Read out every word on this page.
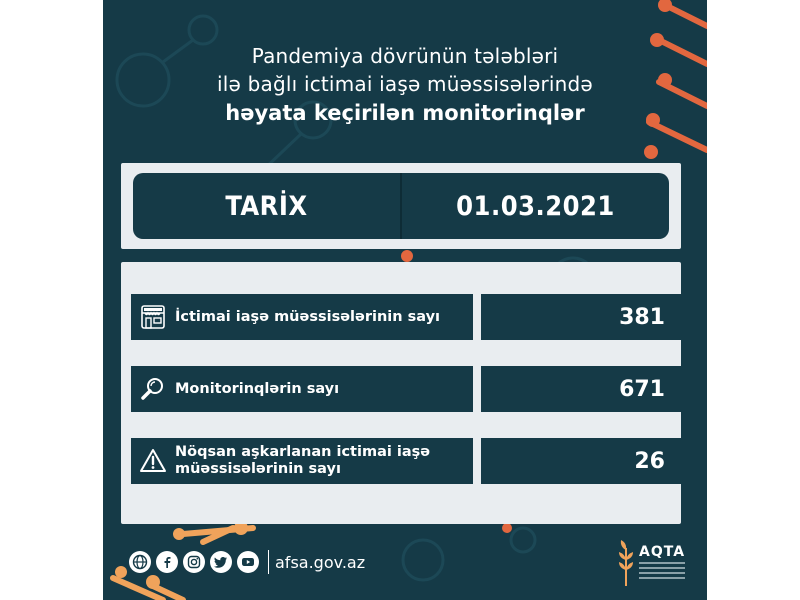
Pandemiya dövrünün tələbləri
ilə bağlı ictimai iaşə müəssisələrində
həyata keçirilən monitorinqlər
TARİX	01.03.2021
İctimai iaşə müəssisələrinin sayı	381
Monitorinqlərin sayı	671
Nöqsan aşkarlanan ictimai iaşə
müəssisələrinin sayı	26
afsa.gov.az
AQTA
